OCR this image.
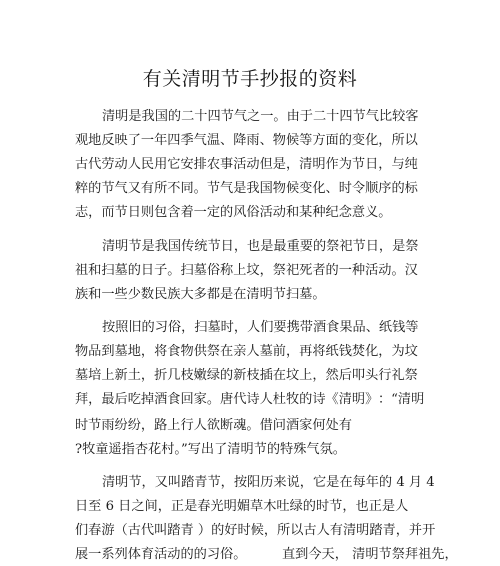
有关清明节手抄报的资料
清明是我国的二十四节气之一。由于二十四节气比较客
观地反映了一年四季气温、降雨、物候等方面的变化，所以
古代劳动人民用它安排农事活动但是，清明作为节日，与纯
粹的节气又有所不同。节气是我国物候变化、时令顺序的标
志，而节日则包含着一定的风俗活动和某种纪念意义。
清明节是我国传统节日，也是最重要的祭祀节日，是祭
祖和扫墓的日子。扫墓俗称上坟，祭祀死者的一种活动。汉
族和一些少数民族大多都是在清明节扫墓。
按照旧的习俗，扫墓时，人们要携带酒食果品、纸钱等
物品到墓地，将食物供祭在亲人墓前，再将纸钱焚化，为坟
墓培上新土，折几枝嫩绿的新枝插在坟上，然后叩头行礼祭
拜，最后吃掉酒食回家。唐代诗人杜牧的诗《清明》 ：“清明
时节雨纷纷，路上行人欲断魂。借问酒家何处有
?牧童遥指杏花村。”写出了清明节的特殊气氛。
清明节，又叫踏青节，按阳历来说，它是在每年的 4 月 4
日至 6 日之间，正是春光明媚草木吐绿的时节，也正是人
们春游（古代叫踏青 ）的好时候，所以古人有清明踏青，并开
展一系列体育活动的的习俗。	直到今天， 清明节祭拜祖先，
